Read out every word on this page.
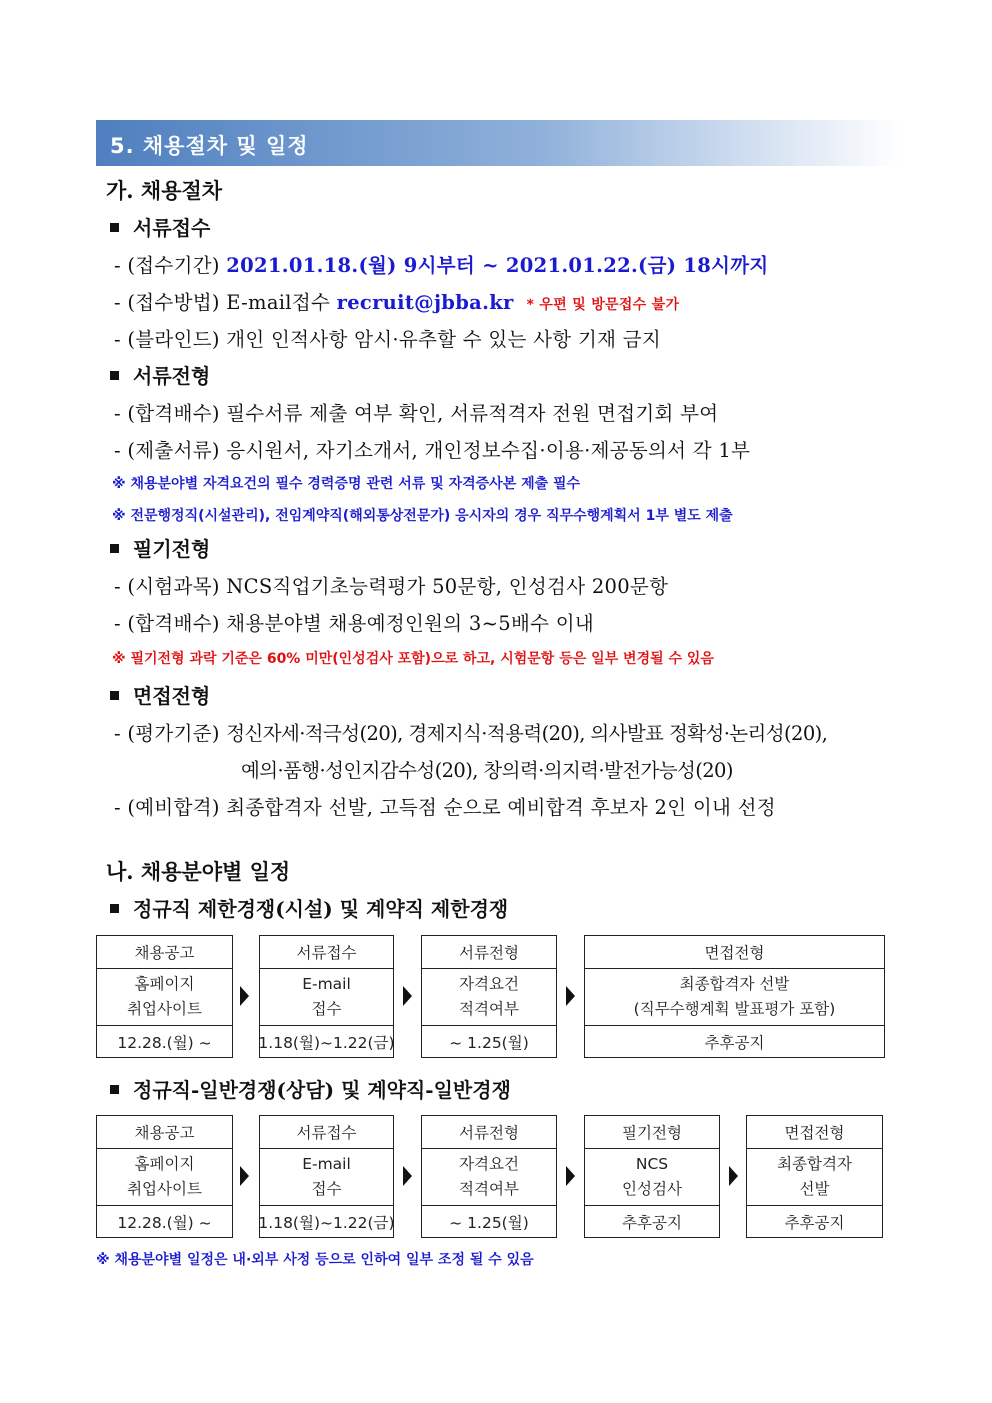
5. 채용절차 및 일정
가. 채용절차
서류접수
- (접수기간) 2021.01.18.(월) 9시부터 ~ 2021.01.22.(금) 18시까지
- (접수방법) E-mail접수 recruit@jbba.kr * 우편 및 방문접수 불가
- (블라인드) 개인 인적사항 암시·유추할 수 있는 사항 기재 금지
서류전형
- (합격배수) 필수서류 제출 여부 확인, 서류적격자 전원 면접기회 부여
- (제출서류) 응시원서, 자기소개서, 개인정보수집·이용·제공동의서 각 1부
※ 채용분야별 자격요건의 필수 경력증명 관련 서류 및 자격증사본 제출 필수
※ 전문행정직(시설관리), 전임계약직(해외통상전문가) 응시자의 경우 직무수행계획서 1부 별도 제출
필기전형
- (시험과목) NCS직업기초능력평가 50문항, 인성검사 200문항
- (합격배수) 채용분야별 채용예정인원의 3~5배수 이내
※ 필기전형 과락 기준은 60% 미만(인성검사 포함)으로 하고, 시험문항 등은 일부 변경될 수 있음
면접전형
- (평가기준) 정신자세·적극성(20), 경제지식·적용력(20), 의사발표 정확성·논리성(20),
예의·품행·성인지감수성(20), 창의력·의지력·발전가능성(20)
- (예비합격) 최종합격자 선발, 고득점 순으로 예비합격 후보자 2인 이내 선정
나. 채용분야별 일정
정규직 제한경쟁(시설) 및 계약직 제한경쟁
채용공고
홈페이지
취업사이트
12.28.(월) ~
서류접수
E-mail
접수
1.18(월)~1.22(금)
서류전형
자격요건
적격여부
~ 1.25(월)
면접전형
최종합격자 선발
(직무수행계획 발표평가 포함)
추후공지
정규직-일반경쟁(상담) 및 계약직-일반경쟁
채용공고
홈페이지
취업사이트
12.28.(월) ~
서류접수
E-mail
접수
1.18(월)~1.22(금)
서류전형
자격요건
적격여부
~ 1.25(월)
필기전형
NCS
인성검사
추후공지
면접전형
최종합격자
선발
추후공지
※ 채용분야별 일정은 내·외부 사정 등으로 인하여 일부 조정 될 수 있음
